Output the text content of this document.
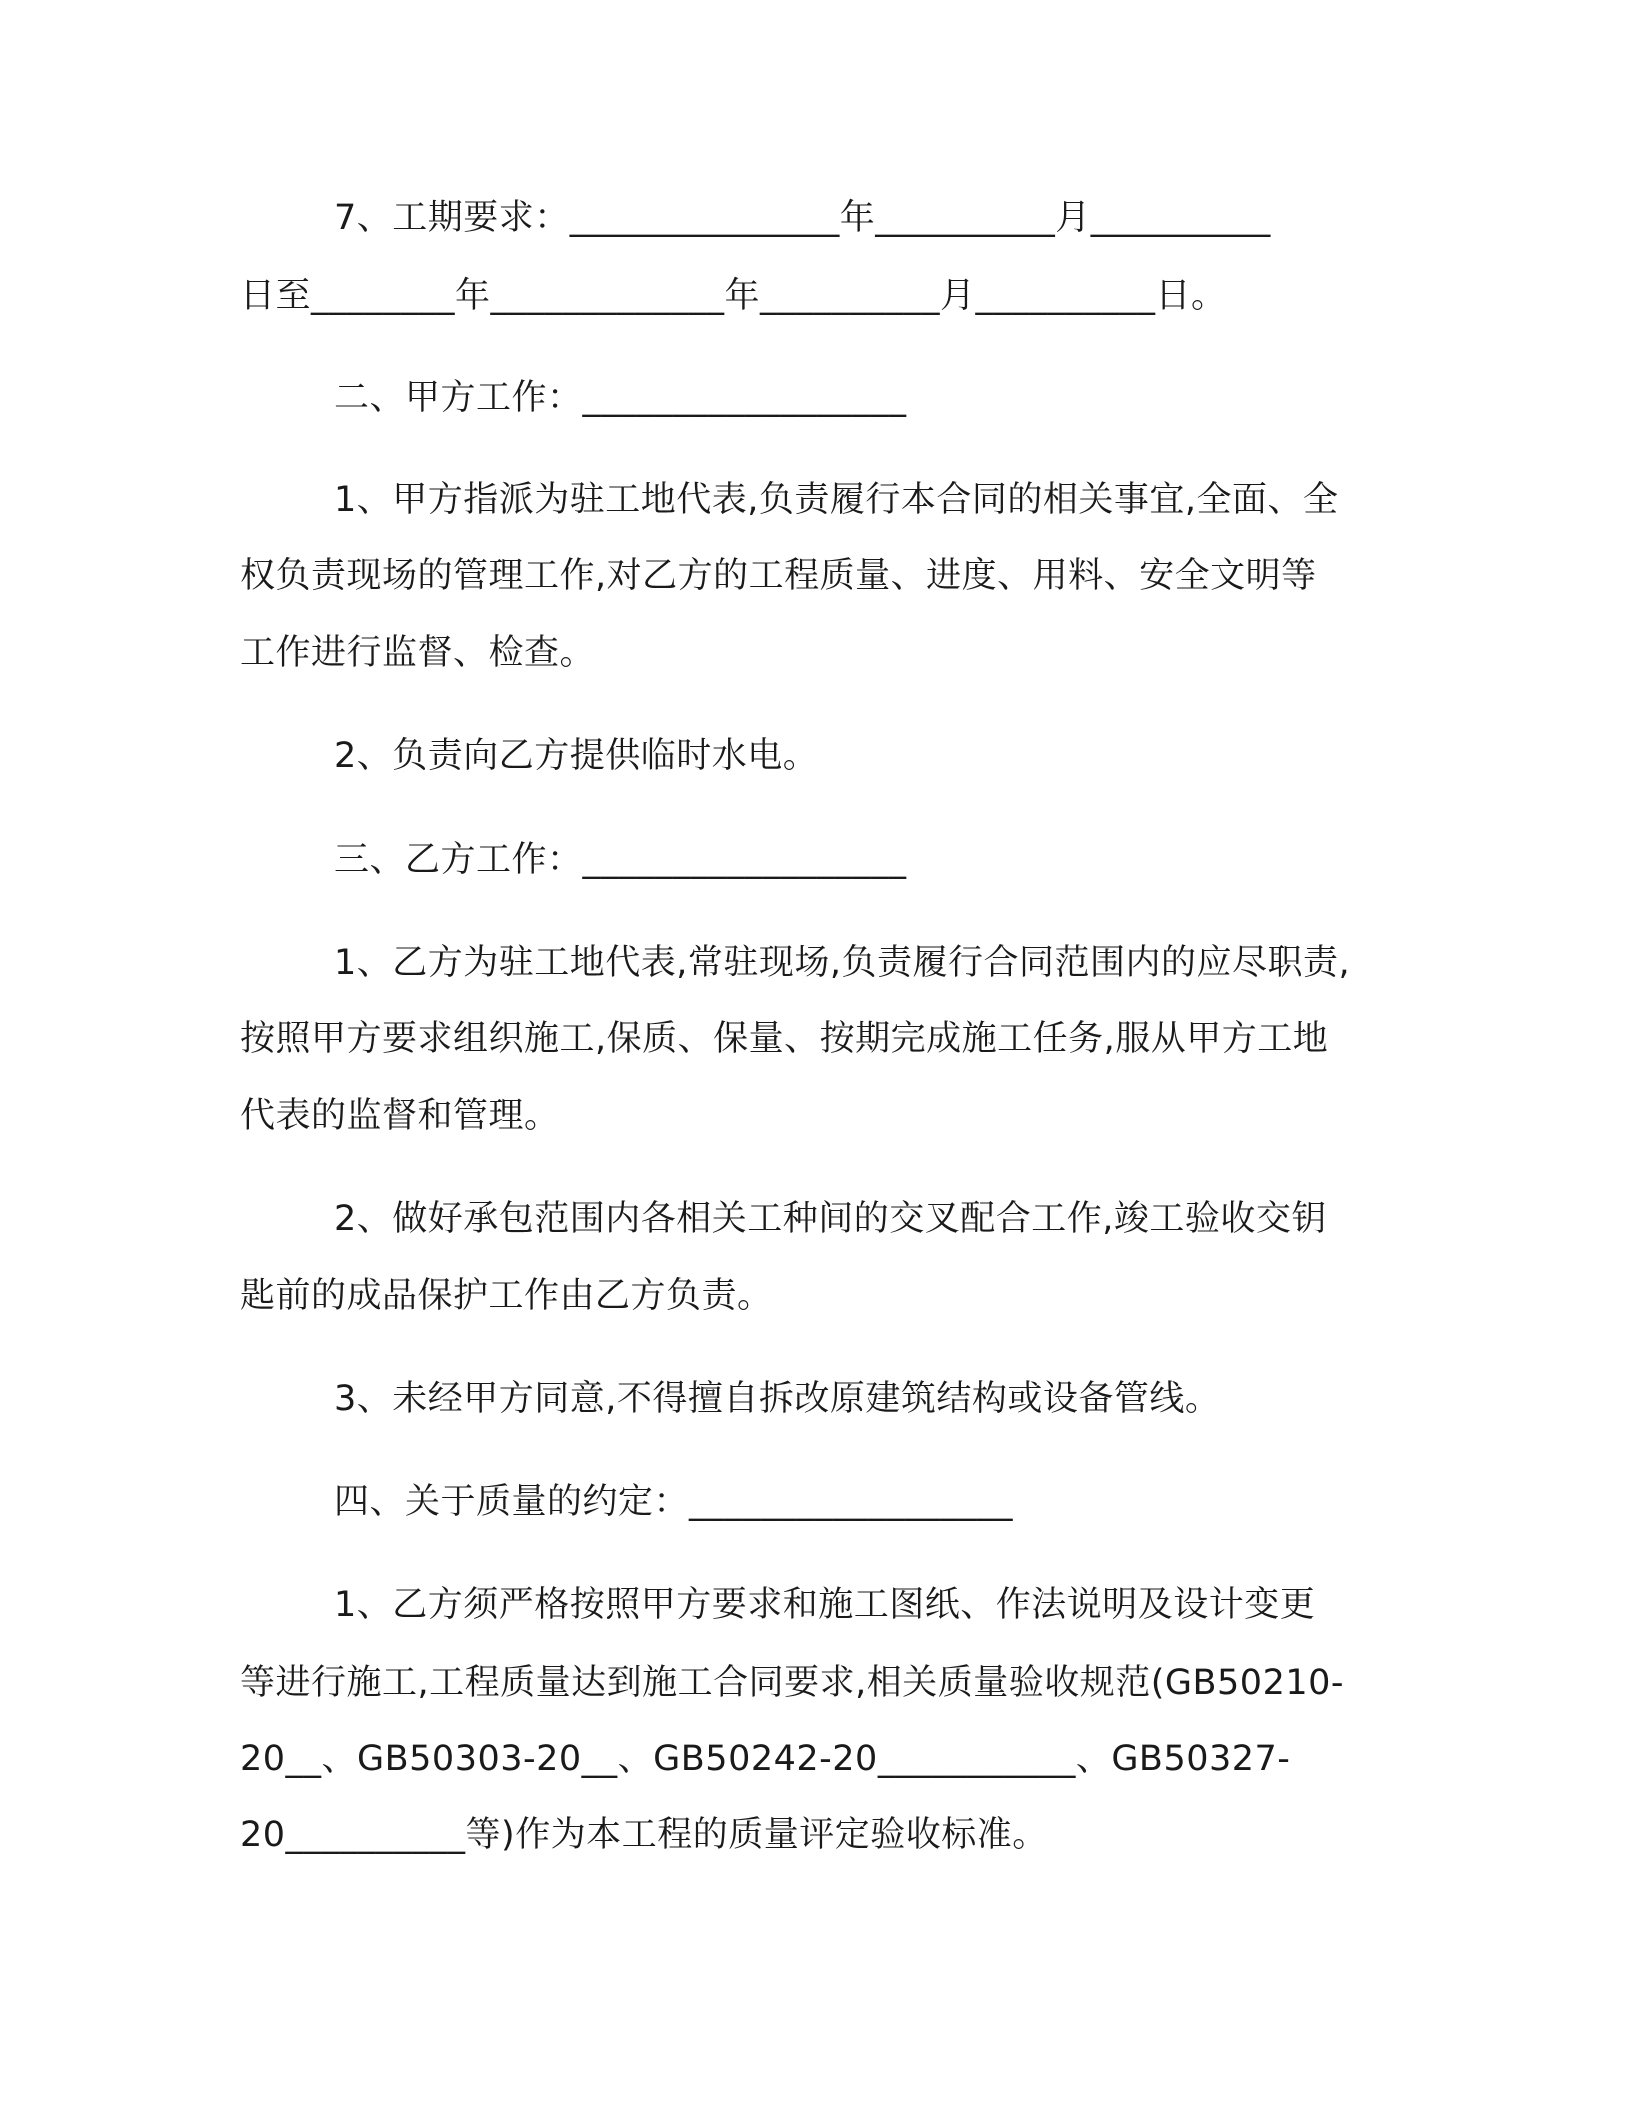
7、工期要求：_______________年__________月__________
日至________年_____________年__________月__________日。
二、甲方工作：__________________
1、甲方指派为驻工地代表,负责履行本合同的相关事宜,全面、全
权负责现场的管理工作,对乙方的工程质量、进度、用料、安全文明等
工作进行监督、检查。
2、负责向乙方提供临时水电。
三、乙方工作：__________________
1、乙方为驻工地代表,常驻现场,负责履行合同范围内的应尽职责,
按照甲方要求组织施工,保质、保量、按期完成施工任务,服从甲方工地
代表的监督和管理。
2、做好承包范围内各相关工种间的交叉配合工作,竣工验收交钥
匙前的成品保护工作由乙方负责。
3、未经甲方同意,不得擅自拆改原建筑结构或设备管线。
四、关于质量的约定：__________________
1、乙方须严格按照甲方要求和施工图纸、作法说明及设计变更
等进行施工,工程质量达到施工合同要求,相关质量验收规范(GB50210-
20__、GB50303-20__、GB50242-20___________、GB50327-
20__________等)作为本工程的质量评定验收标准。
